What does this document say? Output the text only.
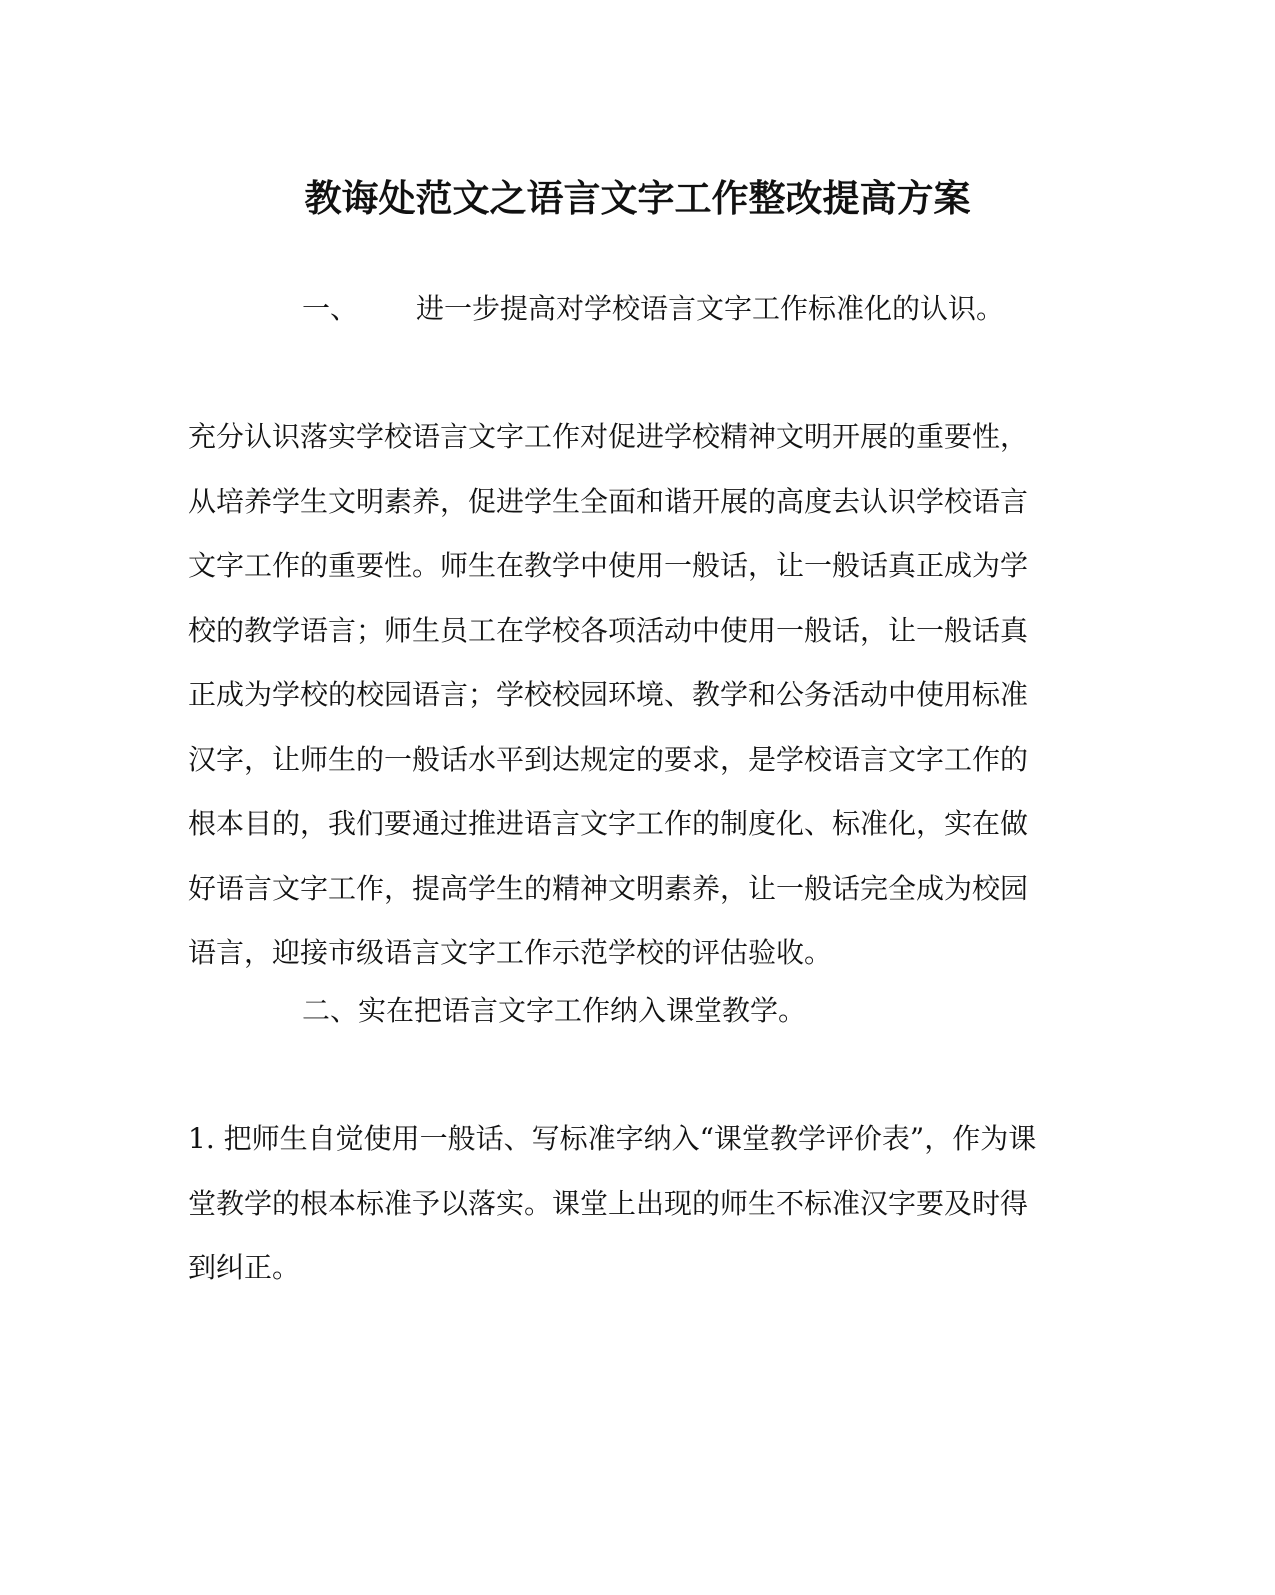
教诲处范文之语言文字工作整改提高方案
一、 进一步提高对学校语言文字工作标准化的认识。
充分认识落实学校语言文字工作对促进学校精神文明开展的重要性，
从培养学生文明素养，促进学生全面和谐开展的高度去认识学校语言
文字工作的重要性。师生在教学中使用一般话，让一般话真正成为学
校的教学语言；师生员工在学校各项活动中使用一般话，让一般话真
正成为学校的校园语言；学校校园环境、教学和公务活动中使用标准
汉字，让师生的一般话水平到达规定的要求，是学校语言文字工作的
根本目的，我们要通过推进语言文字工作的制度化、标准化，实在做
好语言文字工作，提高学生的精神文明素养，让一般话完全成为校园
语言，迎接市级语言文字工作示范学校的评估验收。
二、实在把语言文字工作纳入课堂教学。
1. 把师生自觉使用一般话、写标准字纳入“课堂教学评价表”，作为课
堂教学的根本标准予以落实。课堂上出现的师生不标准汉字要及时得
到纠正。
